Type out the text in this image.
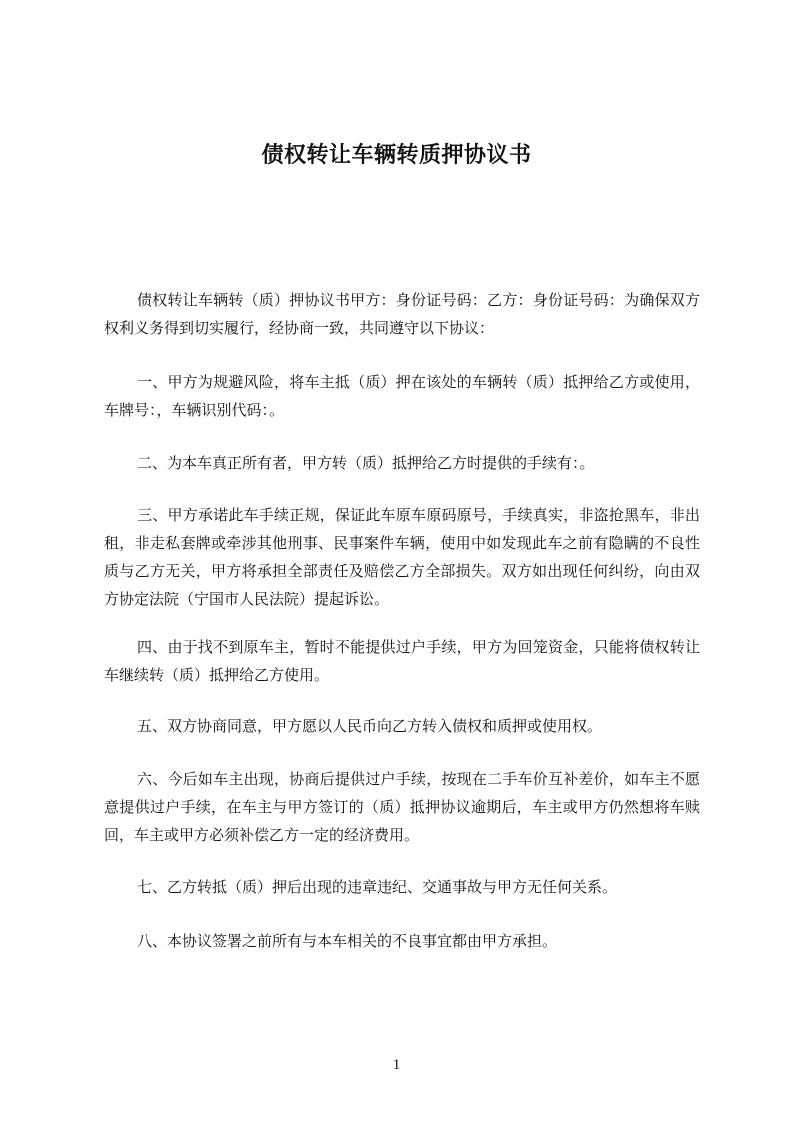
债权转让车辆转质押协议书

债权转让车辆转（质）押协议书甲方：身份证号码：乙方：身份证号码：为确保双方权利义务得到切实履行，经协商一致，共同遵守以下协议：

一、甲方为规避风险，将车主抵（质）押在该处的车辆转（质）抵押给乙方或使用，车牌号：，车辆识别代码：。

二、为本车真正所有者，甲方转（质）抵押给乙方时提供的手续有：。

三、甲方承诺此车手续正规，保证此车原车原码原号，手续真实，非盗抢黑车，非出租，非走私套牌或牵涉其他刑事、民事案件车辆，使用中如发现此车之前有隐瞒的不良性质与乙方无关，甲方将承担全部责任及赔偿乙方全部损失。双方如出现任何纠纷，向由双方协定法院（宁国市人民法院）提起诉讼。

四、由于找不到原车主，暂时不能提供过户手续，甲方为回笼资金，只能将债权转让车继续转（质）抵押给乙方使用。

五、双方协商同意，甲方愿以人民币向乙方转入债权和质押或使用权。

六、今后如车主出现，协商后提供过户手续，按现在二手车价互补差价，如车主不愿意提供过户手续，在车主与甲方签订的（质）抵押协议逾期后，车主或甲方仍然想将车赎回，车主或甲方必须补偿乙方一定的经济费用。

七、乙方转抵（质）押后出现的违章违纪、交通事故与甲方无任何关系。

八、本协议签署之前所有与本车相关的不良事宜都由甲方承担。

1
